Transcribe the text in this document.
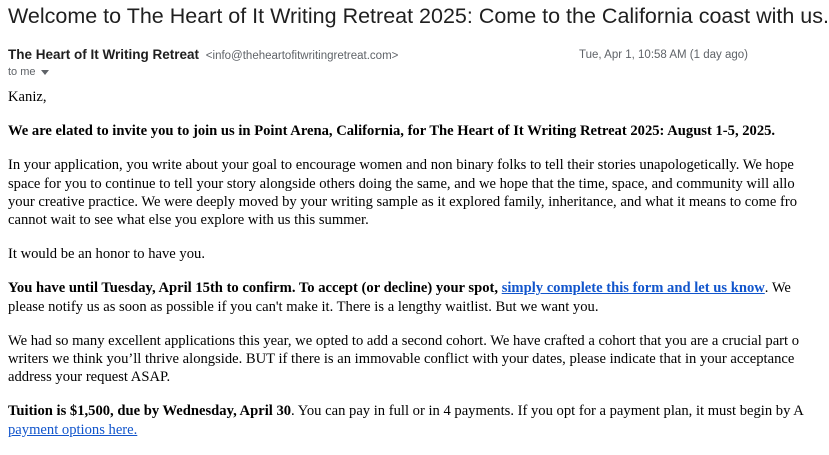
Welcome to The Heart of It Writing Retreat 2025: Come to the California coast with us.
The Heart of It Writing Retreat <info@theheartofitwritingretreat.com>	Tue, Apr 1, 10:58 AM (1 day ago)
to me

Kaniz,

We are elated to invite you to join us in Point Arena, California, for The Heart of It Writing Retreat 2025: August 1-5, 2025.

In your application, you write about your goal to encourage women and non binary folks to tell their stories unapologetically. We hope
space for you to continue to tell your story alongside others doing the same, and we hope that the time, space, and community will allo
your creative practice. We were deeply moved by your writing sample as it explored family, inheritance, and what it means to come fro
cannot wait to see what else you explore with us this summer.

It would be an honor to have you.

You have until Tuesday, April 15th to confirm. To accept (or decline) your spot, simply complete this form and let us know. We
please notify us as soon as possible if you can't make it. There is a lengthy waitlist. But we want you.

We had so many excellent applications this year, we opted to add a second cohort. We have crafted a cohort that you are a crucial part o
writers we think you’ll thrive alongside. BUT if there is an immovable conflict with your dates, please indicate that in your acceptance
address your request ASAP.

Tuition is $1,500, due by Wednesday, April 30. You can pay in full or in 4 payments. If you opt for a payment plan, it must begin by A
payment options here.
